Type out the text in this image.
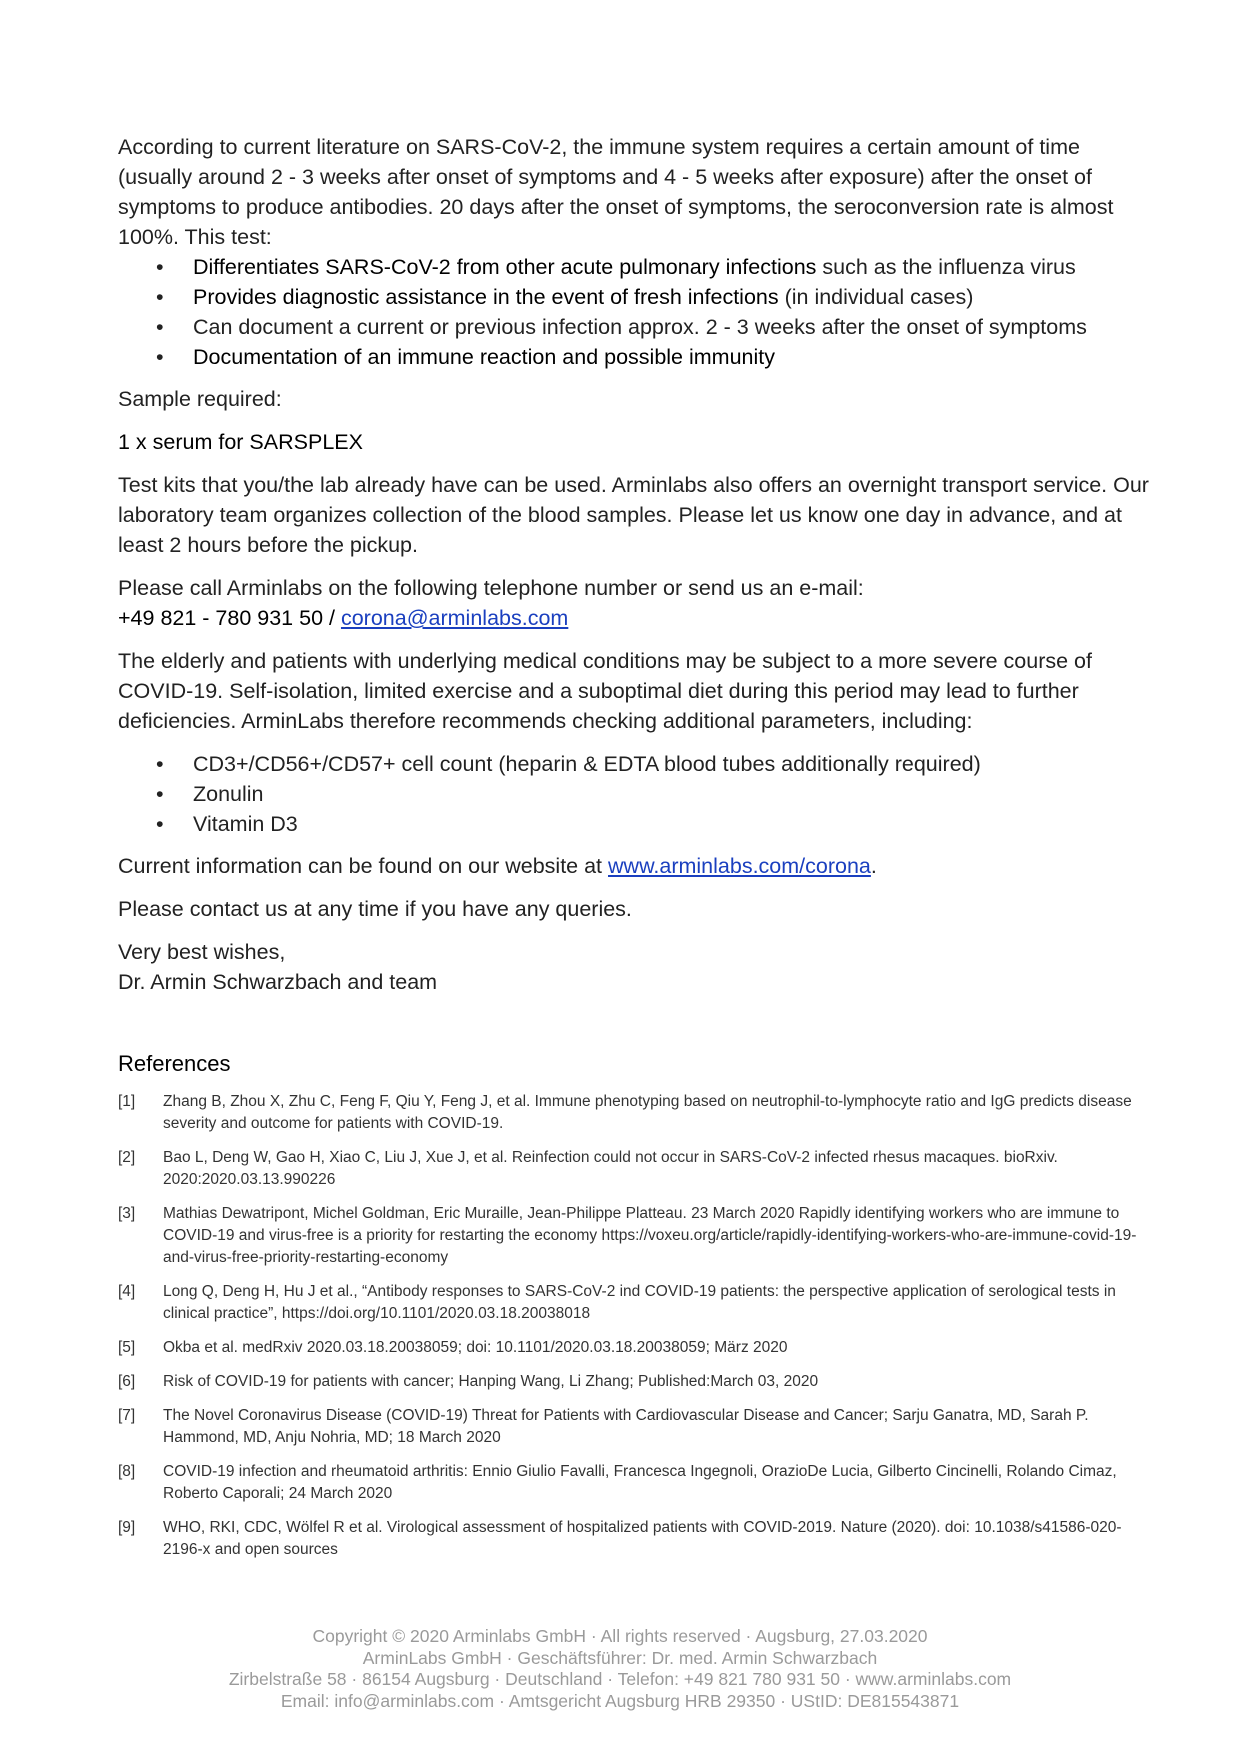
According to current literature on SARS-CoV-2, the immune system requires a certain amount of time (usually around 2 - 3 weeks after onset of symptoms and 4 - 5 weeks after exposure) after the onset of symptoms to produce antibodies. 20 days after the onset of symptoms, the seroconversion rate is almost 100%. This test:

• Differentiates SARS-CoV-2 from other acute pulmonary infections such as the influenza virus
• Provides diagnostic assistance in the event of fresh infections (in individual cases)
• Can document a current or previous infection approx. 2 - 3 weeks after the onset of symptoms
• Documentation of an immune reaction and possible immunity

Sample required:

1 x serum for SARSPLEX

Test kits that you/the lab already have can be used. Arminlabs also offers an overnight transport service. Our laboratory team organizes collection of the blood samples. Please let us know one day in advance, and at least 2 hours before the pickup.

Please call Arminlabs on the following telephone number or send us an e-mail:

+49 821 - 780 931 50 / corona@arminlabs.com

The elderly and patients with underlying medical conditions may be subject to a more severe course of COVID-19. Self-isolation, limited exercise and a suboptimal diet during this period may lead to further deficiencies. ArminLabs therefore recommends checking additional parameters, including:

• CD3+/CD56+/CD57+ cell count (heparin & EDTA blood tubes additionally required)
• Zonulin
• Vitamin D3

Current information can be found on our website at www.arminlabs.com/corona.

Please contact us at any time if you have any queries.

Very best wishes,

Dr. Armin Schwarzbach and team

References
[1]	Zhang B, Zhou X, Zhu C, Feng F, Qiu Y, Feng J, et al. Immune phenotyping based on neutrophil-to-lymphocyte ratio and IgG predicts disease severity and outcome for patients with COVID-19.
[2]	Bao L, Deng W, Gao H, Xiao C, Liu J, Xue J, et al. Reinfection could not occur in SARS-CoV-2 infected rhesus macaques. bioRxiv. 2020:2020.03.13.990226
[3]	Mathias Dewatripont, Michel Goldman, Eric Muraille, Jean-Philippe Platteau. 23 March 2020 Rapidly identifying workers who are immune to COVID-19 and virus-free is a priority for restarting the economy https://voxeu.org/article/rapidly-identifying-workers-who-are-immune-covid-19-and-virus-free-priority-restarting-economy
[4]	Long Q, Deng H, Hu J et al., “Antibody responses to SARS-CoV-2 ind COVID-19 patients: the perspective application of serological tests in clinical practice”, https://doi.org/10.1101/2020.03.18.20038018
[5]	Okba et al. medRxiv 2020.03.18.20038059; doi: 10.1101/2020.03.18.20038059; März 2020
[6]	Risk of COVID-19 for patients with cancer; Hanping Wang, Li Zhang; Published:March 03, 2020
[7]	The Novel Coronavirus Disease (COVID-19) Threat for Patients with Cardiovascular Disease and Cancer; Sarju Ganatra, MD, Sarah P. Hammond, MD, Anju Nohria, MD; 18 March 2020
[8]	COVID-19 infection and rheumatoid arthritis: Ennio Giulio Favalli, Francesca Ingegnoli, OrazioDe Lucia, Gilberto Cincinelli, Rolando Cimaz, Roberto Caporali; 24 March 2020
[9]	WHO, RKI, CDC, Wölfel R et al. Virological assessment of hospitalized patients with COVID-2019. Nature (2020). doi: 10.1038/s41586-020-2196-x and open sources
Copyright © 2020 Arminlabs GmbH · All rights reserved · Augsburg, 27.03.2020
ArminLabs GmbH · Geschäftsführer: Dr. med. Armin Schwarzbach
Zirbelstraße 58 · 86154 Augsburg · Deutschland · Telefon: +49 821 780 931 50 · www.arminlabs.com
Email: info@arminlabs.com · Amtsgericht Augsburg HRB 29350 · UStID: DE815543871
